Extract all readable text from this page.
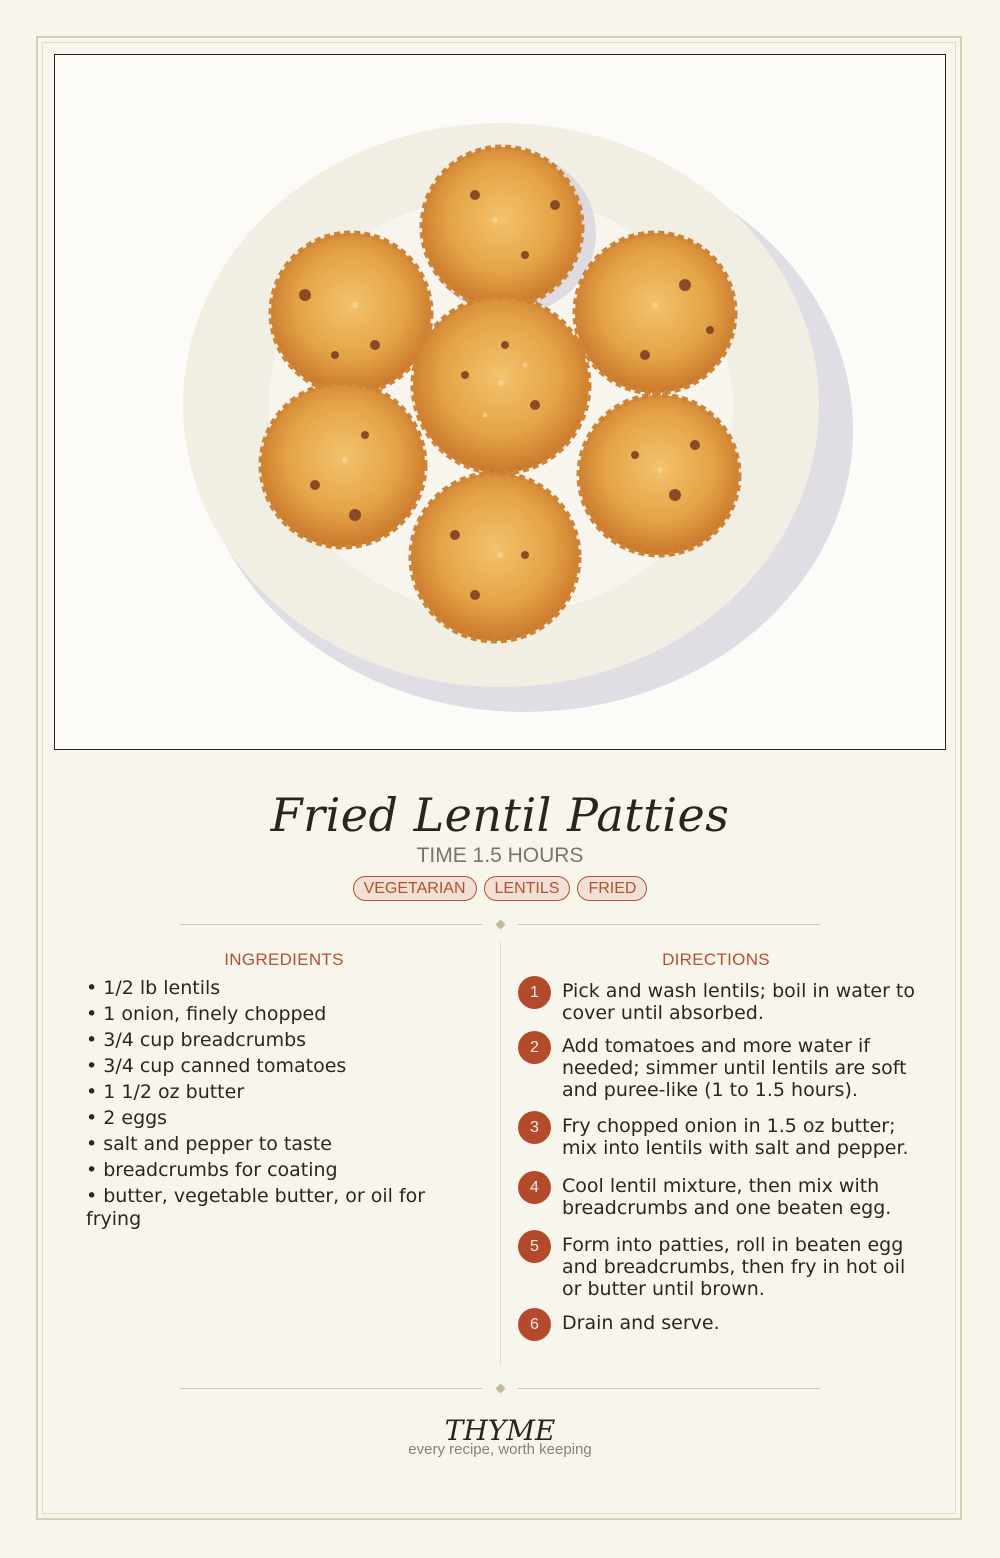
Fried Lentil Patties
TIME 1.5 HOURS
VEGETARIAN	LENTILS	FRIED
INGREDIENTS
• 1/2 lb lentils
• 1 onion, finely chopped
• 3/4 cup breadcrumbs
• 3/4 cup canned tomatoes
• 1 1/2 oz butter
• 2 eggs
• salt and pepper to taste
• breadcrumbs for coating
• butter, vegetable butter, or oil for frying
DIRECTIONS
1	Pick and wash lentils; boil in water to cover until absorbed.
2	Add tomatoes and more water if needed; simmer until lentils are soft and puree-like (1 to 1.5 hours).
3	Fry chopped onion in 1.5 oz butter; mix into lentils with salt and pepper.
4	Cool lentil mixture, then mix with breadcrumbs and one beaten egg.
5	Form into patties, roll in beaten egg and breadcrumbs, then fry in hot oil or butter until brown.
6	Drain and serve.
THYME
every recipe, worth keeping
